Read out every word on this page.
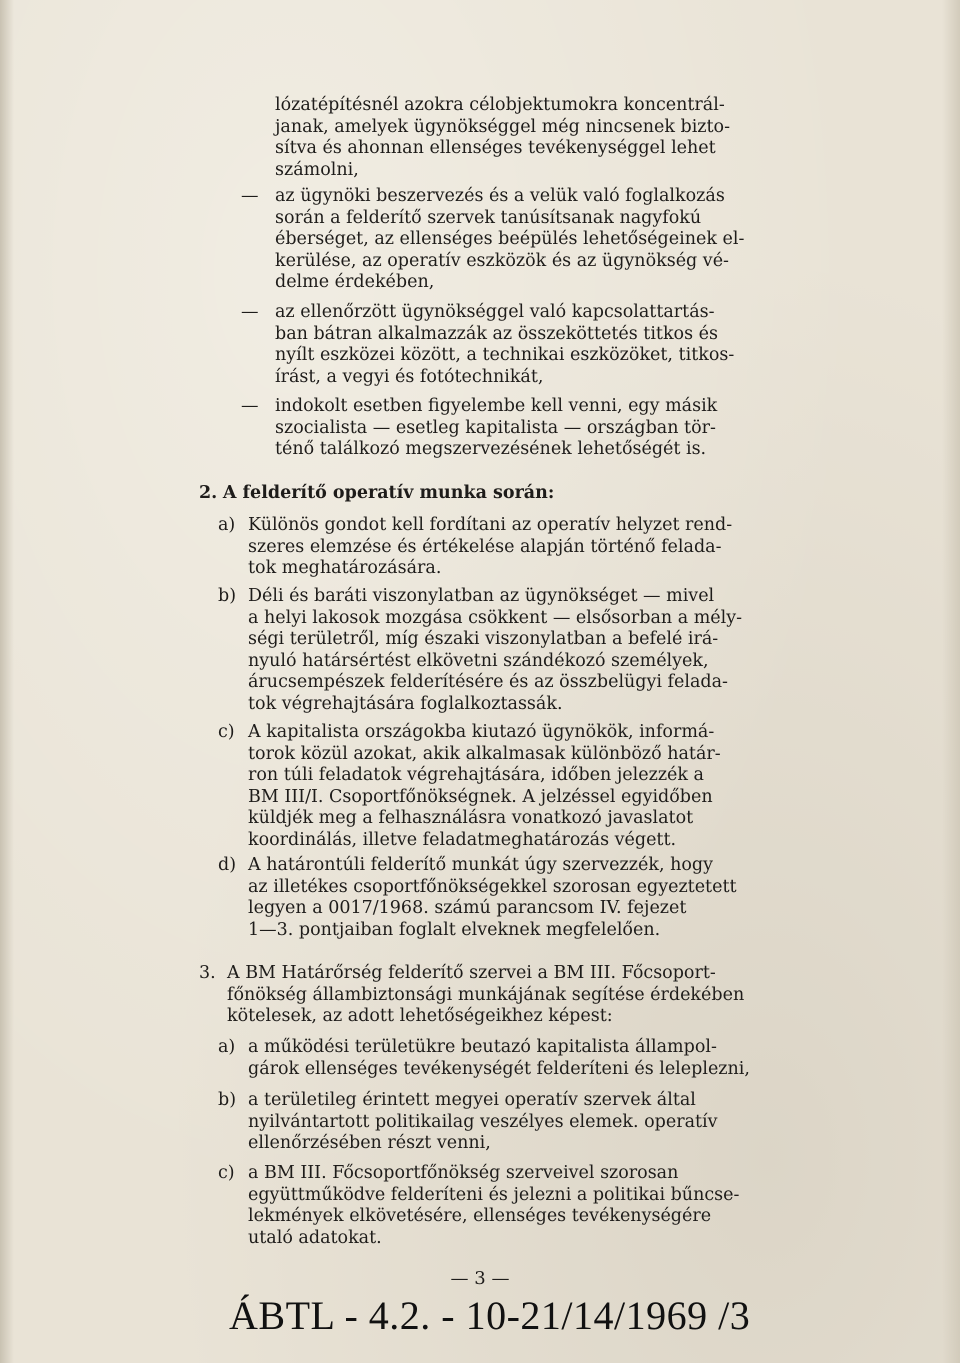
lózatépítésnél azokra célobjektumokra koncentrál-
janak, amelyek ügynökséggel még nincsenek bizto-
sítva és ahonnan ellenséges tevékenységgel lehet
számolni,
— az ügynöki beszervezés és a velük való foglalkozás
során a felderítő szervek tanúsítsanak nagyfokú
éberséget, az ellenséges beépülés lehetőségeinek el-
kerülése, az operatív eszközök és az ügynökség vé-
delme érdekében,
— az ellenőrzött ügynökséggel való kapcsolattartás-
ban bátran alkalmazzák az összeköttetés titkos és
nyílt eszközei között, a technikai eszközöket, titkos-
írást, a vegyi és fotótechnikát,
— indokolt esetben figyelembe kell venni, egy másik
szocialista — esetleg kapitalista — országban tör-
ténő találkozó megszervezésének lehetőségét is.
2. A felderítő operatív munka során:
a) Különös gondot kell fordítani az operatív helyzet rend-
szeres elemzése és értékelése alapján történő felada-
tok meghatározására.
b) Déli és baráti viszonylatban az ügynökséget — mivel
a helyi lakosok mozgása csökkent — elsősorban a mély-
ségi területről, míg északi viszonylatban a befelé irá-
nyuló határsértést elkövetni szándékozó személyek,
árucsempészek felderítésére és az összbelügyi felada-
tok végrehajtására foglalkoztassák.
c) A kapitalista országokba kiutazó ügynökök, informá-
torok közül azokat, akik alkalmasak különböző határ-
ron túli feladatok végrehajtására, időben jelezzék a
BM III/I. Csoportfőnökségnek. A jelzéssel egyidőben
küldjék meg a felhasználásra vonatkozó javaslatot
koordinálás, illetve feladatmeghatározás végett.
d) A határontúli felderítő munkát úgy szervezzék, hogy
az illetékes csoportfőnökségekkel szorosan egyeztetett
legyen a 0017/1968. számú parancsom IV. fejezet
1—3. pontjaiban foglalt elveknek megfelelően.
3. A BM Határőrség felderítő szervei a BM III. Főcsoport-
főnökség állambiztonsági munkájának segítése érdekében
kötelesek, az adott lehetőségeikhez képest:
a) a működési területükre beutazó kapitalista állampol-
gárok ellenséges tevékenységét felderíteni és leleplezni,
b) a területileg érintett megyei operatív szervek által
nyilvántartott politikailag veszélyes elemek. operatív
ellenőrzésében részt venni,
c) a BM III. Főcsoportfőnökség szerveivel szorosan
együttműködve felderíteni és jelezni a politikai bűncse-
lekmények elkövetésére, ellenséges tevékenységére
utaló adatokat.
— 3 —
ÁBTL - 4.2. - 10-21/14/1969 /3
